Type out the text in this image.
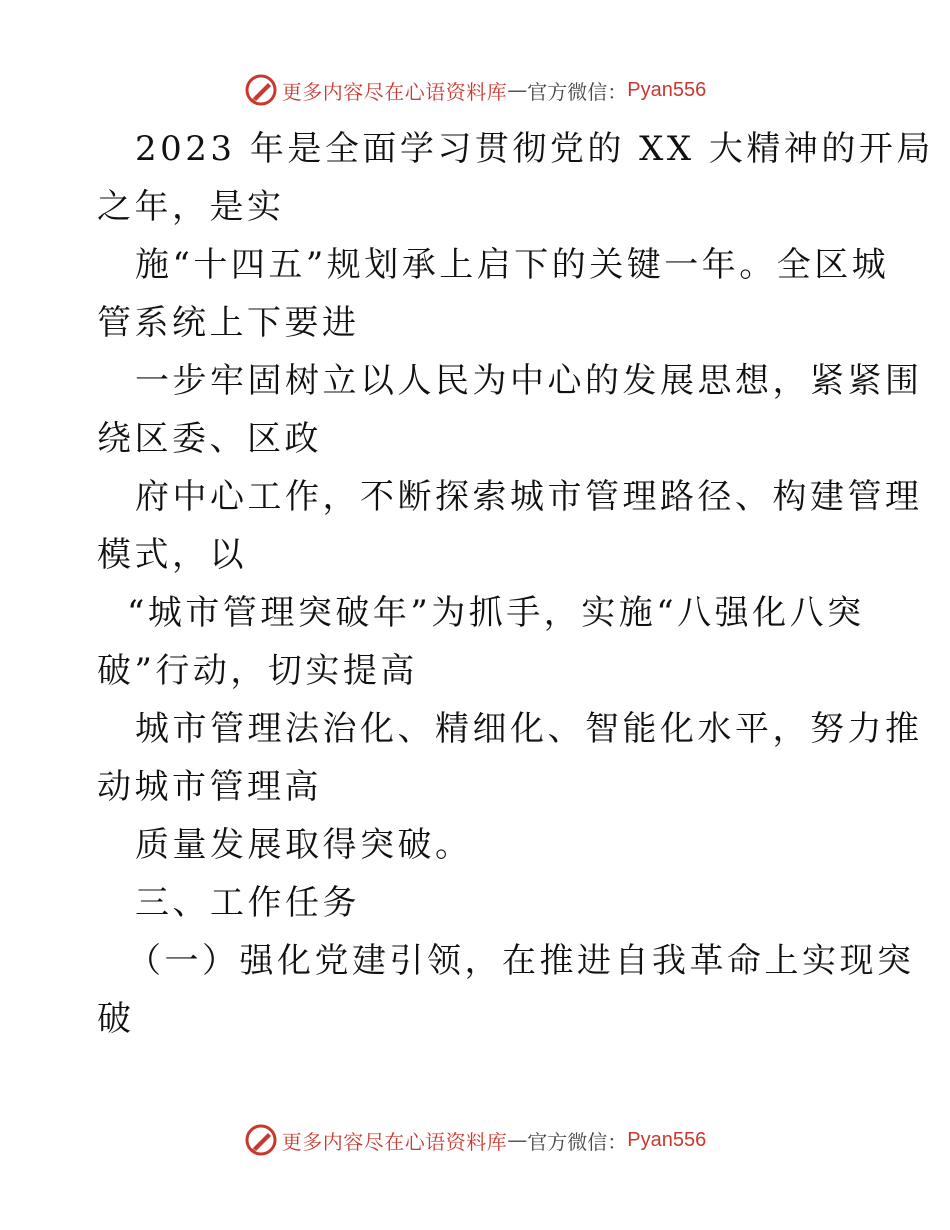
更多内容尽在心语资料库 — 官方微信： Pyan556
2023 年是全面学习贯彻党的 XX 大精神的开局
之年，是实
施“十四五”规划承上启下的关键一年。全区城
管系统上下要进
一步牢固树立以人民为中心的发展思想，紧紧围
绕区委、区政
府中心工作，不断探索城市管理路径、构建管理
模式，以
“城市管理突破年”为抓手，实施“八强化八突
破”行动，切实提高
城市管理法治化、精细化、智能化水平，努力推
动城市管理高
质量发展取得突破。
三、工作任务
（一）强化党建引领，在推进自我革命上实现突
破
更多内容尽在心语资料库 — 官方微信： Pyan556
